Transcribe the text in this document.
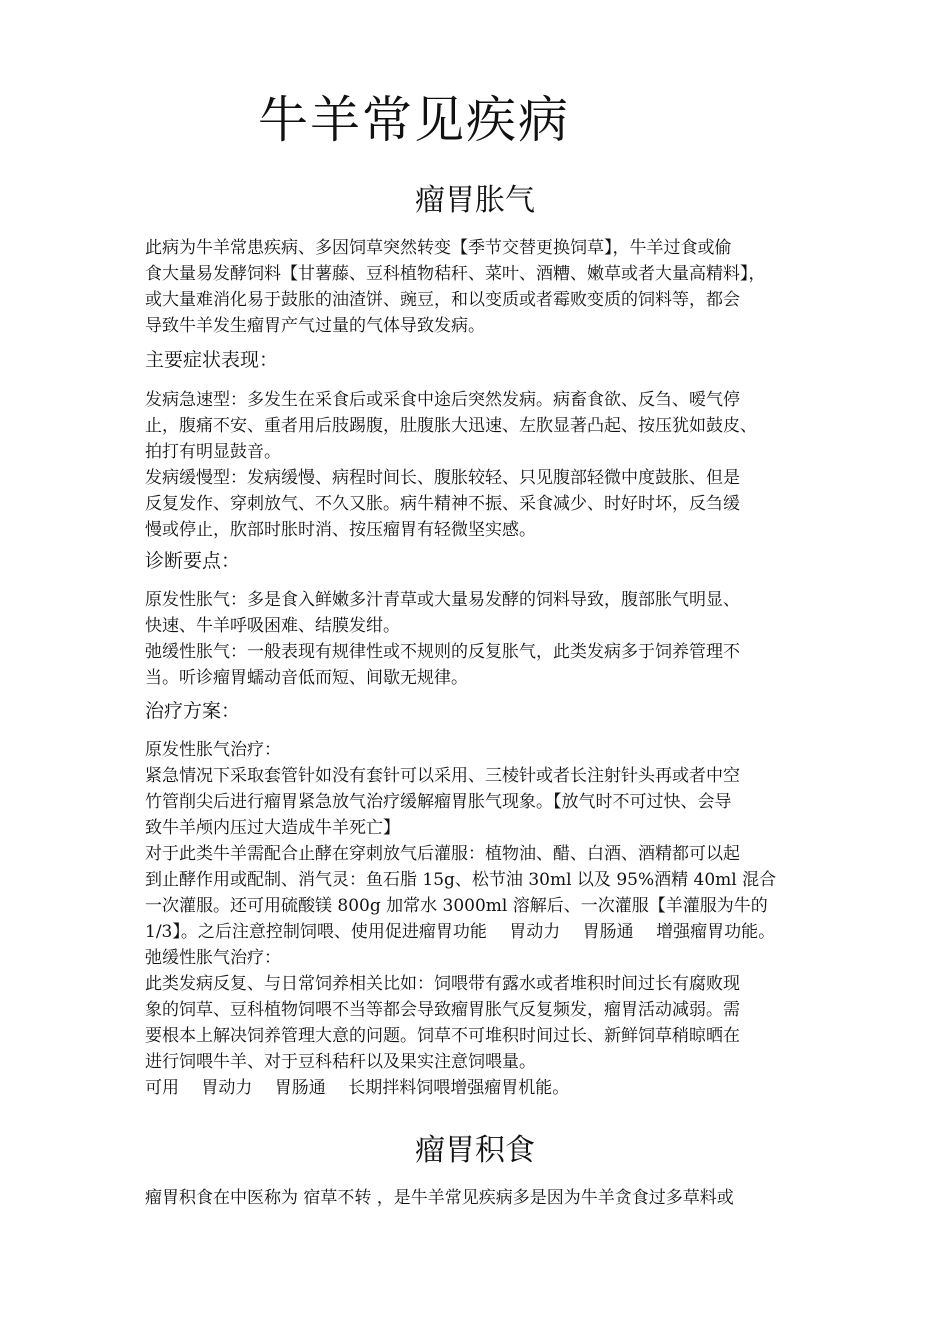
牛羊常见疾病
瘤胃胀气
此病为牛羊常患疾病、多因饲草突然转变【季节交替更换饲草】，牛羊过食或偷
食大量易发酵饲料【甘薯藤、豆科植物秸秆、菜叶、酒糟、嫩草或者大量高精料】，
或大量难消化易于鼓胀的油渣饼、豌豆，和以变质或者霉败变质的饲料等，都会
导致牛羊发生瘤胃产气过量的气体导致发病。
主要症状表现：
发病急速型：多发生在采食后或采食中途后突然发病。病畜食欲、反刍、嗳气停
止，腹痛不安、重者用后肢踢腹，肚腹胀大迅速、左肷显著凸起、按压犹如鼓皮、
拍打有明显鼓音。
发病缓慢型：发病缓慢、病程时间长、腹胀较轻、只见腹部轻微中度鼓胀、但是
反复发作、穿刺放气、不久又胀。病牛精神不振、采食减少、时好时坏，反刍缓
慢或停止，肷部时胀时消、按压瘤胃有轻微坚实感。
诊断要点：
原发性胀气：多是食入鲜嫩多汁青草或大量易发酵的饲料导致，腹部胀气明显、
快速、牛羊呼吸困难、结膜发绀。
弛缓性胀气：一般表现有规律性或不规则的反复胀气，此类发病多于饲养管理不
当。听诊瘤胃蠕动音低而短、间歇无规律。
治疗方案：
原发性胀气治疗：
紧急情况下采取套管针如没有套针可以采用、三棱针或者长注射针头再或者中空
竹管削尖后进行瘤胃紧急放气治疗缓解瘤胃胀气现象。【放气时不可过快、会导
致牛羊颅内压过大造成牛羊死亡】
对于此类牛羊需配合止酵在穿刺放气后灌服：植物油、醋、白酒、酒精都可以起
到止酵作用或配制、消气灵：鱼石脂 15g、松节油 30ml 以及 95%酒精 40ml 混合
一次灌服。还可用硫酸镁 800g 加常水 3000ml 溶解后、一次灌服【羊灌服为牛的
1/3】。之后注意控制饲喂、使用促进瘤胃功能　 胃动力　 胃肠通　 增强瘤胃功能。
弛缓性胀气治疗：
此类发病反复、与日常饲养相关比如：饲喂带有露水或者堆积时间过长有腐败现
象的饲草、豆科植物饲喂不当等都会导致瘤胃胀气反复频发，瘤胃活动减弱。需
要根本上解决饲养管理大意的问题。饲草不可堆积时间过长、新鲜饲草稍晾晒在
进行饲喂牛羊、对于豆科秸秆以及果实注意饲喂量。
可用　 胃动力　 胃肠通　 长期拌料饲喂增强瘤胃机能。
瘤胃积食
瘤胃积食在中医称为 宿草不转 ，是牛羊常见疾病多是因为牛羊贪食过多草料或
